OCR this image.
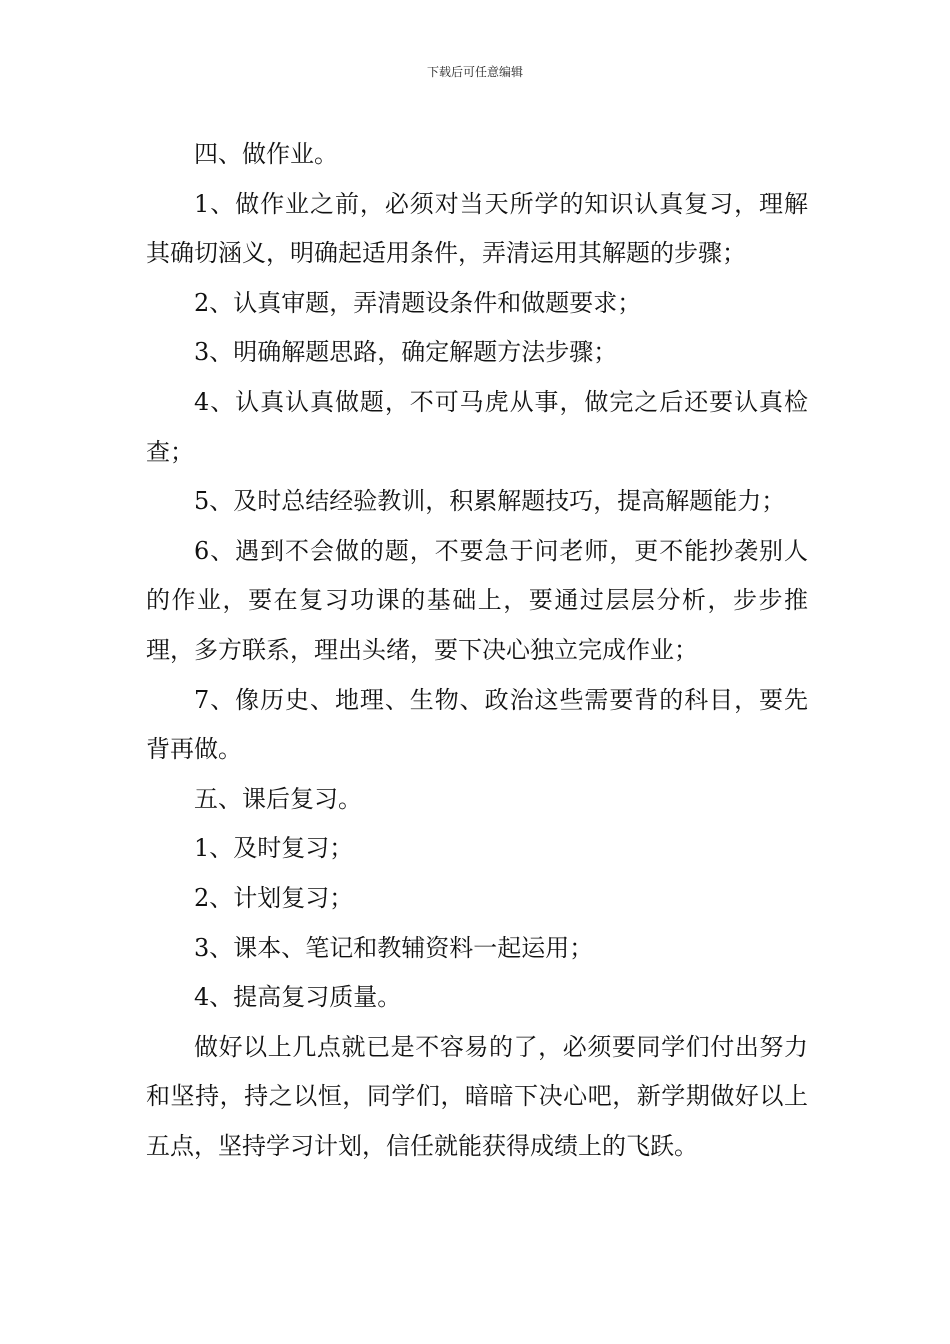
下载后可任意编辑

四、做作业。

1、做作业之前，必须对当天所学的知识认真复习，理解其确切涵义，明确起适用条件，弄清运用其解题的步骤；

2、认真审题，弄清题设条件和做题要求；

3、明确解题思路，确定解题方法步骤；

4、认真认真做题，不可马虎从事，做完之后还要认真检查；

5、及时总结经验教训，积累解题技巧，提高解题能力；

6、遇到不会做的题，不要急于问老师，更不能抄袭别人的作业，要在复习功课的基础上，要通过层层分析，步步推理，多方联系，理出头绪，要下决心独立完成作业；

7、像历史、地理、生物、政治这些需要背的科目，要先背再做。

五、课后复习。

1、及时复习；

2、计划复习；

3、课本、笔记和教辅资料一起运用；

4、提高复习质量。

做好以上几点就已是不容易的了，必须要同学们付出努力和坚持，持之以恒，同学们，暗暗下决心吧，新学期做好以上五点，坚持学习计划，信任就能获得成绩上的飞跃。
